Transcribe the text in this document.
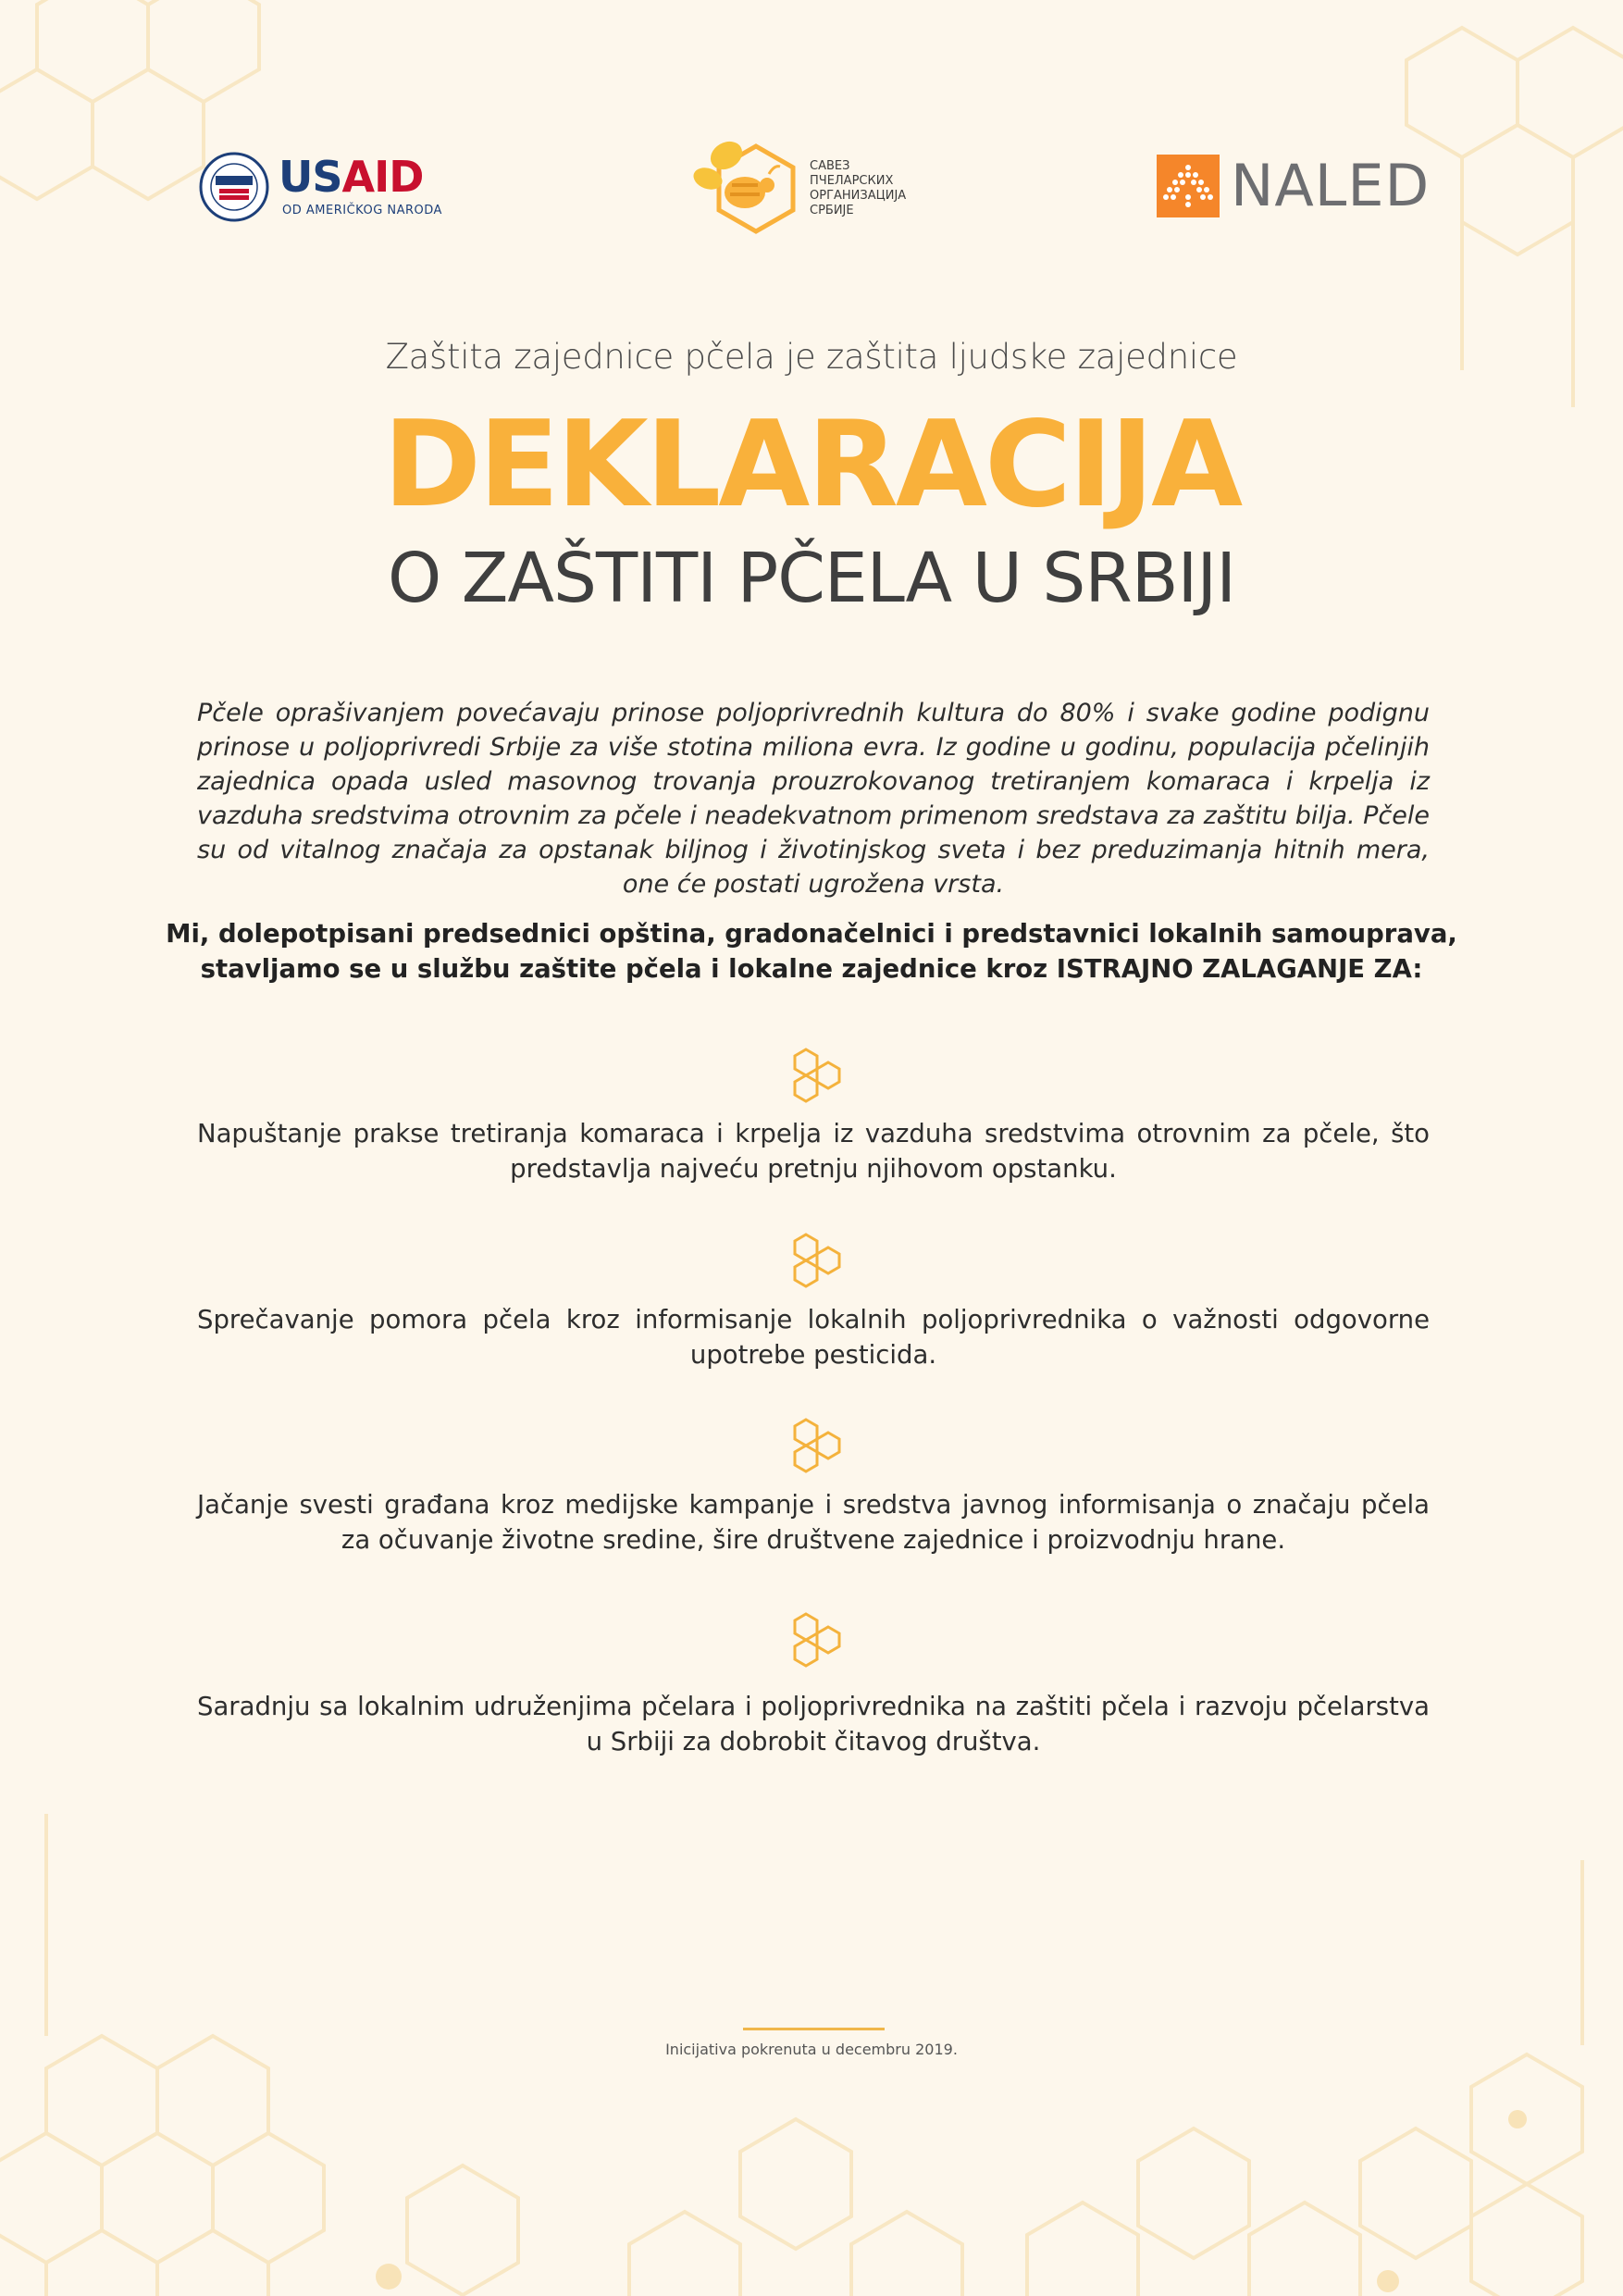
USAID
OD AMERIČKOG NARODA
САВЕЗ
ПЧЕЛАРСКИХ
ОРГАНИЗАЦИЈА
СРБИЈЕ	NALED
Zaštita zajednice pčela je zaštita ljudske zajednice
DEKLARACIJA
O ZAŠTITI PČELA U SRBIJI
Pčele oprašivanjem povećavaju prinose poljoprivrednih kultura do 80% i svake godine podignu prinose u poljoprivredi Srbije za više stotina miliona evra. Iz godine u godinu, populacija pčelinjih zajednica opada usled masovnog trovanja prouzrokovanog tretiranjem komaraca i krpelja iz vazduha sredstvima otrovnim za pčele i neadekvatnom primenom sredstava za zaštitu bilja. Pčele su od vitalnog značaja za opstanak biljnog i životinjskog sveta i bez preduzimanja hitnih mera, one će postati ugrožena vrsta.
Mi, dolepotpisani predsednici opština, gradonačelnici i predstavnici lokalnih samouprava, stavljamo se u službu zaštite pčela i lokalne zajednice kroz ISTRAJNO ZALAGANJE ZA:
Napuštanje prakse tretiranja komaraca i krpelja iz vazduha sredstvima otrovnim za pčele, što predstavlja najveću pretnju njihovom opstanku.
Sprečavanje pomora pčela kroz informisanje lokalnih poljoprivrednika o važnosti odgovorne upotrebe pesticida.
Jačanje svesti građana kroz medijske kampanje i sredstva javnog informisanja o značaju pčela za očuvanje životne sredine, šire društvene zajednice i proizvodnju hrane.
Saradnju sa lokalnim udruženjima pčelara i poljoprivrednika na zaštiti pčela i razvoju pčelarstva u Srbiji za dobrobit čitavog društva.
Inicijativa pokrenuta u decembru 2019.
